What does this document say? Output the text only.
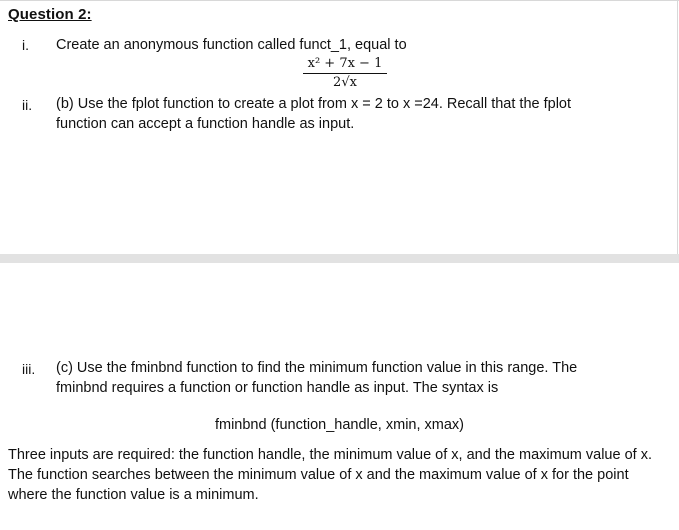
Question 2:
i. Create an anonymous function called funct_1, equal to
x² + 7x − 1
2√x
ii. (b) Use the fplot function to create a plot from x = 2 to x =24. Recall that the fplot function can accept a function handle as input.
iii. (c) Use the fminbnd function to find the minimum function value in this range. The fminbnd requires a function or function handle as input. The syntax is
fminbnd (function_handle, xmin, xmax)
Three inputs are required: the function handle, the minimum value of x, and the maximum value of x. The function searches between the minimum value of x and the maximum value of x for the point where the function value is a minimum.
